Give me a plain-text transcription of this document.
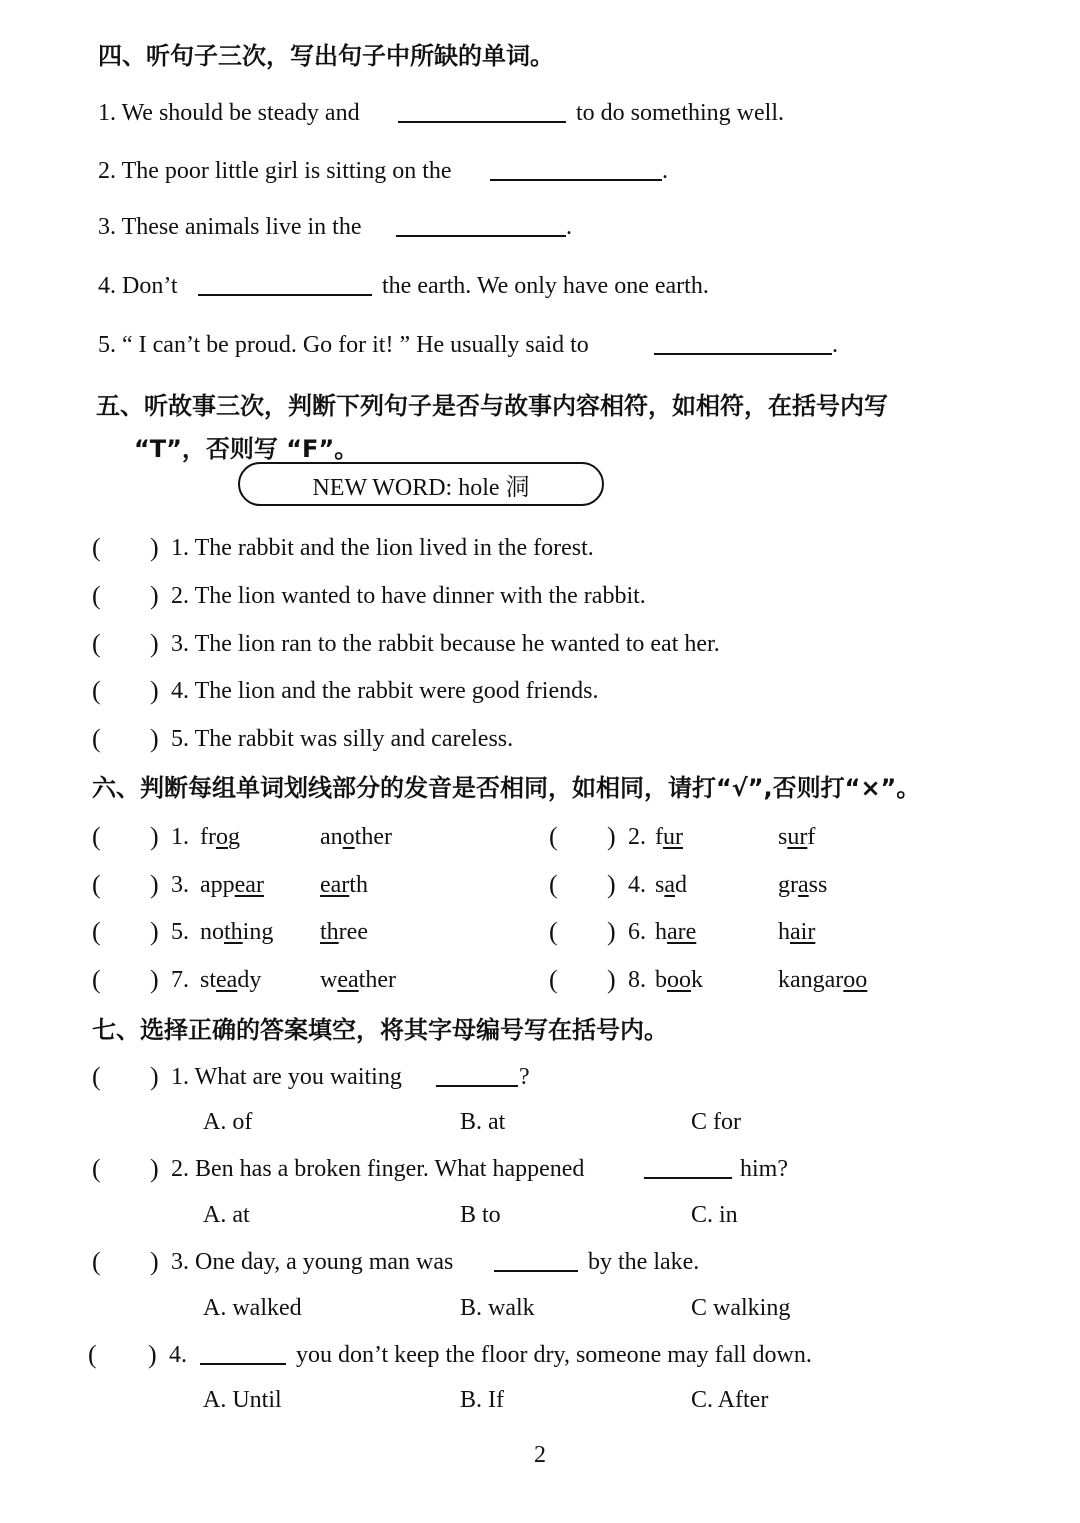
四、听句子三次，写出句子中所缺的单词。
1. We should be steady and	to do something well.
2. The poor little girl is sitting on the	.
3. These animals live in the	.
4. Don’t	the earth. We only have one earth.
5. “ I can’t be proud. Go for it! ” He usually said to	.
五、听故事三次，判断下列句子是否与故事内容相符，如相符，在括号内写
“T”，否则写 “F”。
NEW WORD: hole 洞
( ) 1. The rabbit and the lion lived in the forest.
( ) 2. The lion wanted to have dinner with the rabbit.
( ) 3. The lion ran to the rabbit because he wanted to eat her.
( ) 4. The lion and the rabbit were good friends.
( ) 5. The rabbit was silly and careless.
六、判断每组单词划线部分的发音是否相同，如相同，请打“√”,否则打“×”。
( ) 1. frog	another	( ) 2. fur	surf
( ) 3. appear earth	( ) 4. sad	grass
( ) 5. nothing three	( ) 6. hare	hair
( ) 7. steady weather	( ) 8. book	kangaroo
七、选择正确的答案填空，将其字母编号写在括号内。
( ) 1. What are you waiting	?
A. of	B. at	C for
( ) 2. Ben has a broken finger. What happened	him?
A. at	B to	C. in
( ) 3. One day, a young man was	by the lake.
A. walked	B. walk	C walking
( ) 4.	you don’t keep the floor dry, someone may fall down.
A. Until	B. If	C. After
2
